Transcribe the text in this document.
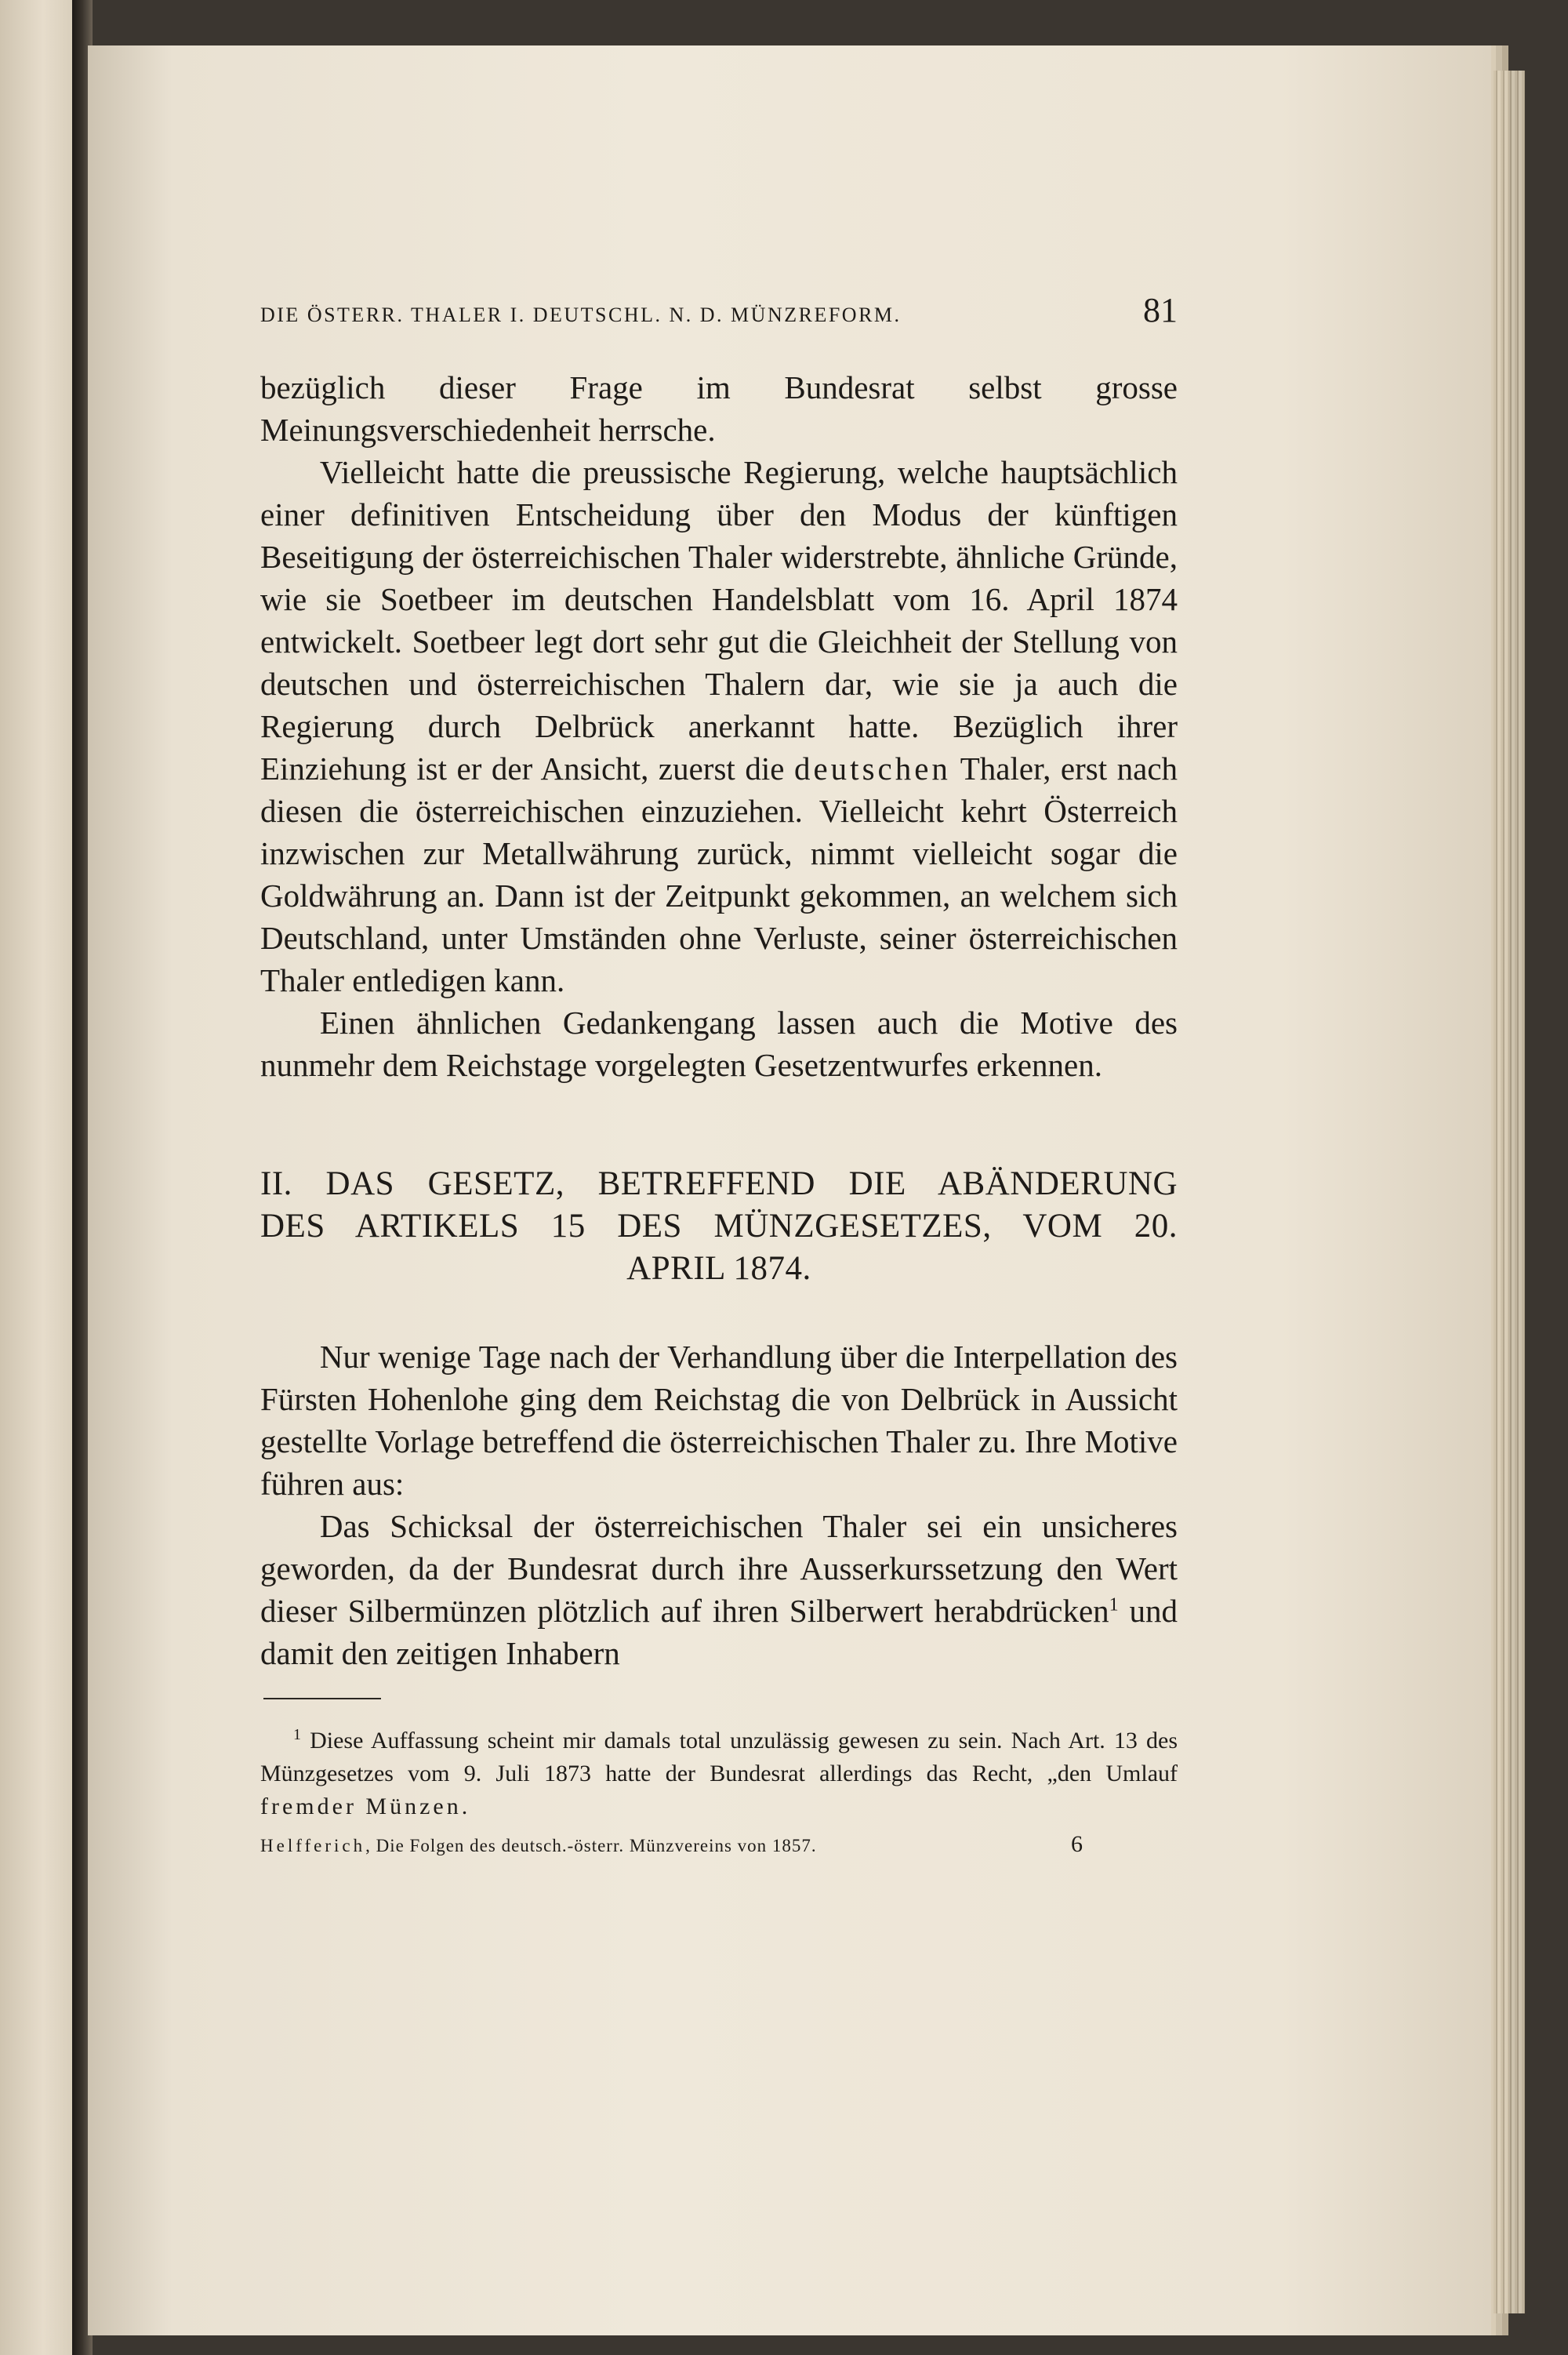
DIE ÖSTERR. THALER I. DEUTSCHL. N. D. MÜNZREFORM.	81

bezüglich dieser Frage im Bundesrat selbst grosse Meinungsverschiedenheit herrsche.

Vielleicht hatte die preussische Regierung, welche hauptsächlich einer definitiven Entscheidung über den Modus der künftigen Beseitigung der österreichischen Thaler widerstrebte, ähnliche Gründe, wie sie Soetbeer im deutschen Handelsblatt vom 16. April 1874 entwickelt. Soetbeer legt dort sehr gut die Gleichheit der Stellung von deutschen und österreichischen Thalern dar, wie sie ja auch die Regierung durch Delbrück anerkannt hatte. Bezüglich ihrer Einziehung ist er der Ansicht, zuerst die deutschen Thaler, erst nach diesen die österreichischen einzuziehen. Vielleicht kehrt Österreich inzwischen zur Metallwährung zurück, nimmt vielleicht sogar die Goldwährung an. Dann ist der Zeitpunkt gekommen, an welchem sich Deutschland, unter Umständen ohne Verluste, seiner österreichischen Thaler entledigen kann.

Einen ähnlichen Gedankengang lassen auch die Motive des nunmehr dem Reichstage vorgelegten Gesetzentwurfes erkennen.

II. DAS GESETZ, BETREFFEND DIE ABÄNDERUNG
DES ARTIKELS 15 DES MÜNZGESETZES, VOM 20.
APRIL 1874.

Nur wenige Tage nach der Verhandlung über die Interpellation des Fürsten Hohenlohe ging dem Reichstag die von Delbrück in Aussicht gestellte Vorlage betreffend die österreichischen Thaler zu. Ihre Motive führen aus:

Das Schicksal der österreichischen Thaler sei ein unsicheres geworden, da der Bundesrat durch ihre Ausserkurssetzung den Wert dieser Silbermünzen plötzlich auf ihren Silberwert herabdrücken$^1$ und damit den zeitigen Inhabern

$^1$ Diese Auffassung scheint mir damals total unzulässig gewesen zu sein. Nach Art. 13 des Münzgesetzes vom 9. Juli 1873 hatte der Bundesrat allerdings das Recht, „den Umlauf fremder Münzen.

Helfferich, Die Folgen des deutsch.-österr. Münzvereins von 1857.	6
